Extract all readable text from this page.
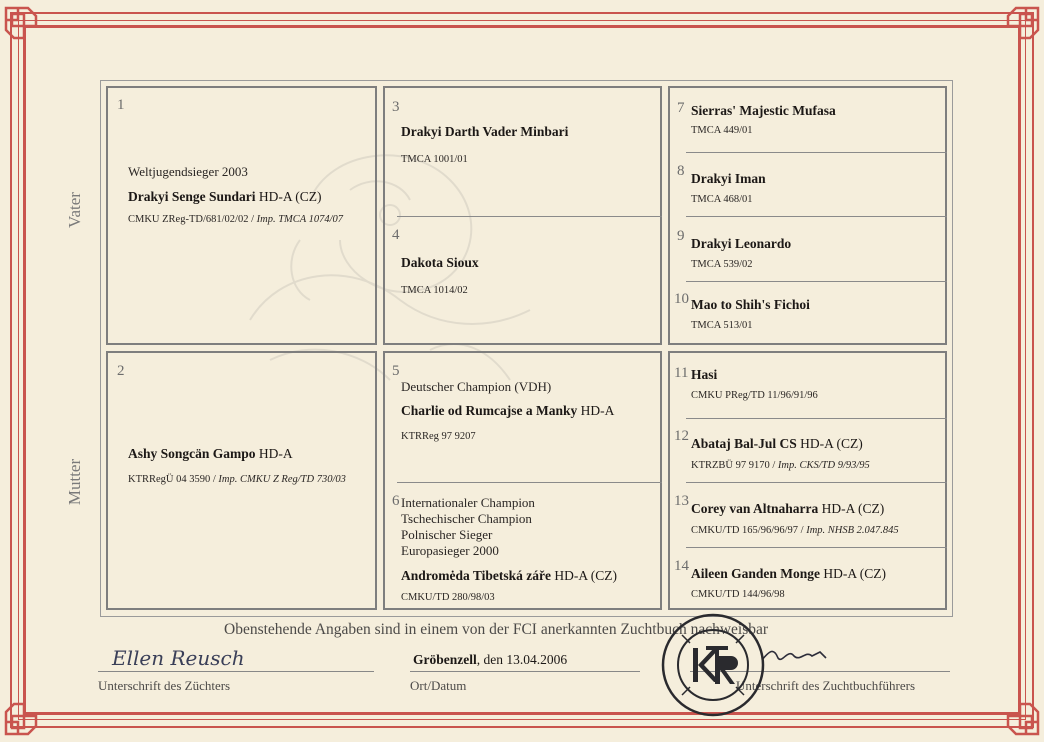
Vater
Mutter
1
Weltjugendsieger 2003
Drakyi Senge Sundari HD-A (CZ)
CMKU ZReg-TD/681/02/02 / Imp. TMCA 1074/07
2
Ashy Songcän Gampo HD-A
KTRRegÜ 04 3590 / Imp. CMKU Z Reg/TD 730/03
3
Drakyi Darth Vader Minbari
TMCA 1001/01
4
Dakota Sioux
TMCA 1014/02
5
Deutscher Champion (VDH)
Charlie od Rumcajse a Manky HD-A
KTRReg 97 9207
6 Internationaler Champion
Tschechischer Champion
Polnischer Sieger
Europasieger 2000
Andromėda Tibetská záře HD-A (CZ)
CMKU/TD 280/98/03
7 Sierras' Majestic Mufasa
TMCA 449/01
8 Drakyi Iman
TMCA 468/01
9 Drakyi Leonardo
TMCA 539/02
10 Mao to Shih's Fichoi
TMCA 513/01
11 Hasi
CMKU PReg/TD 11/96/91/96
12 Abataj Bal-Jul CS HD-A (CZ)
KTRZBÜ 97 9170 / Imp. CKS/TD 9/93/95
13 Corey van Altnaharra HD-A (CZ)
CMKU/TD 165/96/96/97 / Imp. NHSB 2.047.845
14 Aileen Ganden Monge HD-A (CZ)
CMKU/TD 144/96/98
Obenstehende Angaben sind in einem von der FCI anerkannten Zuchtbuch nachweisbar
Ellen Reusch
Unterschrift des Züchters
Gröbenzell, den 13.04.2006
Ort/Datum	Unterschrift des Zuchtbuchführers
